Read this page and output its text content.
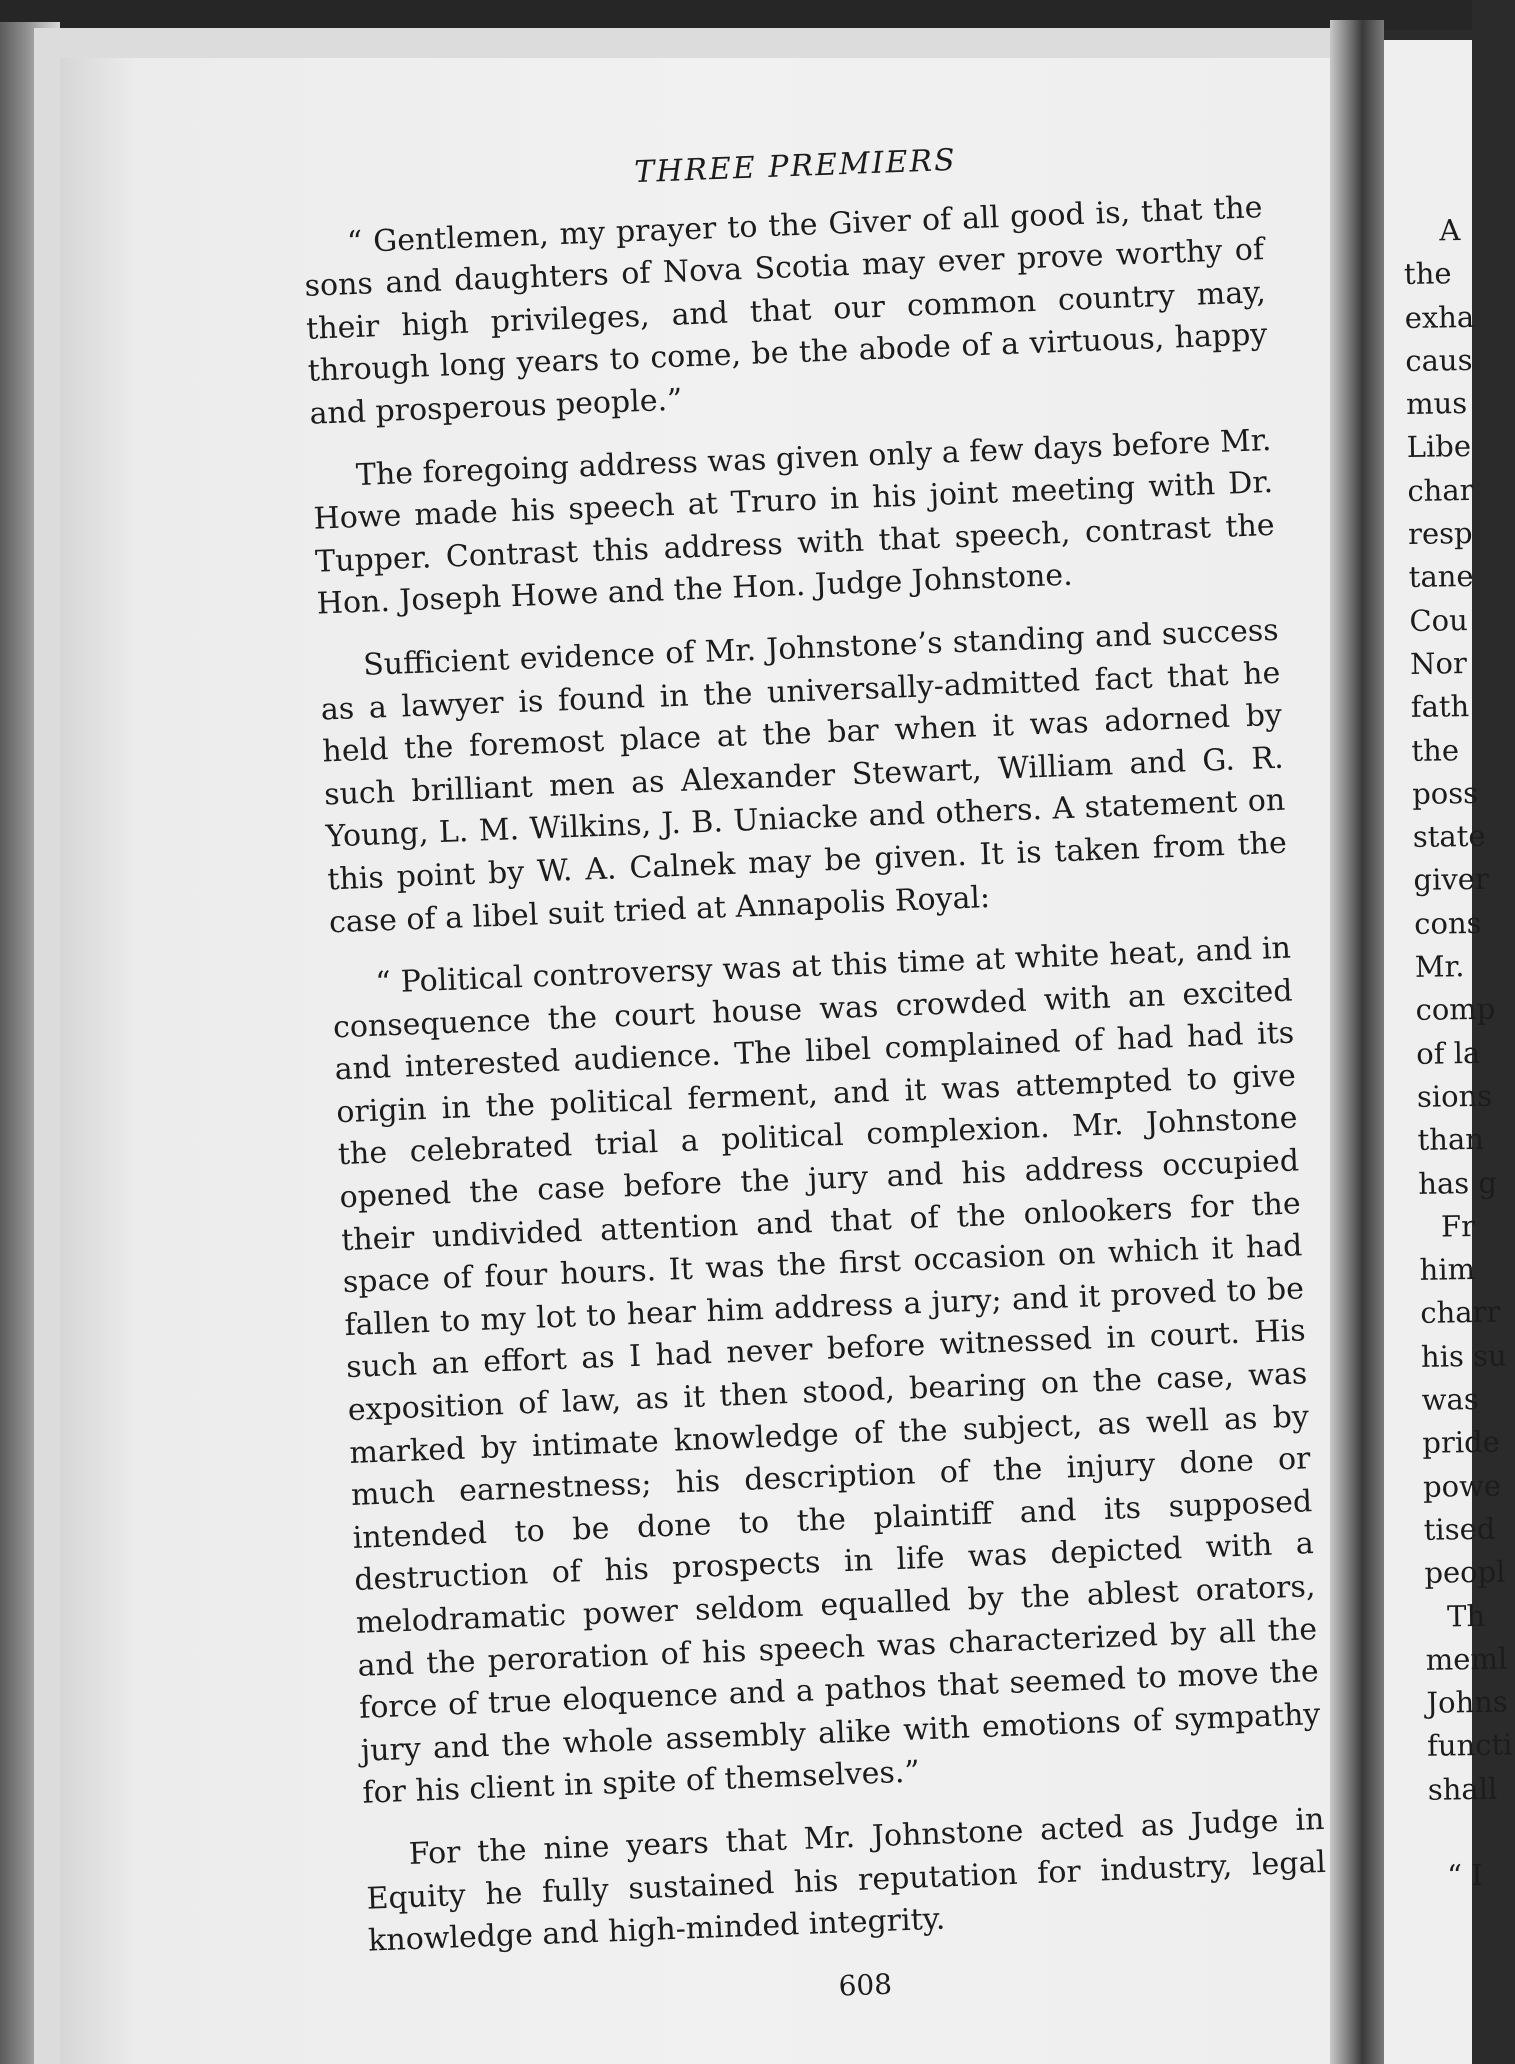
THREE PREMIERS

“ Gentlemen, my prayer to the Giver of all good is, that the sons and daughters of Nova Scotia may ever prove worthy of their high privileges, and that our common country may, through long years to come, be the abode of a virtuous, happy and prosperous people.”

The foregoing address was given only a few days before Mr. Howe made his speech at Truro in his joint meeting with Dr. Tupper. Contrast this address with that speech, contrast the Hon. Joseph Howe and the Hon. Judge Johnstone.

Sufficient evidence of Mr. Johnstone’s standing and success as a lawyer is found in the universally-admitted fact that he held the foremost place at the bar when it was adorned by such brilliant men as Alexander Stewart, William and G. R. Young, L. M. Wilkins, J. B. Uniacke and others. A statement on this point by W. A. Calnek may be given. It is taken from the case of a libel suit tried at Annapolis Royal:

“ Political controversy was at this time at white heat, and in consequence the court house was crowded with an excited and interested audience. The libel complained of had had its origin in the political ferment, and it was attempted to give the celebrated trial a political complexion. Mr. Johnstone opened the case before the jury and his address occupied their undivided attention and that of the onlookers for the space of four hours. It was the first occasion on which it had fallen to my lot to hear him address a jury; and it proved to be such an effort as I had never before witnessed in court. His exposition of law, as it then stood, bearing on the case, was marked by intimate knowledge of the subject, as well as by much earnestness; his description of the injury done or intended to be done to the plaintiff and its supposed destruction of his prospects in life was depicted with a melodramatic power seldom equalled by the ablest orators, and the peroration of his speech was characterized by all the force of true eloquence and a pathos that seemed to move the jury and the whole assembly alike with emotions of sympathy for his client in spite of themselves.”

For the nine years that Mr. Johnstone acted as Judge in Equity he fully sustained his reputation for industry, legal knowledge and high-minded integrity.

608
A
the
exha
caus
mus
Libe
char
resp
tane
Cou
Nor
fath
the
poss
state
giver
cons
Mr.
comp
of la
sions
than
has g
Fr
him
charr
his su
was
pride
powe
tised
peopl
Th
meml
Johns
functi
shall
“ I
